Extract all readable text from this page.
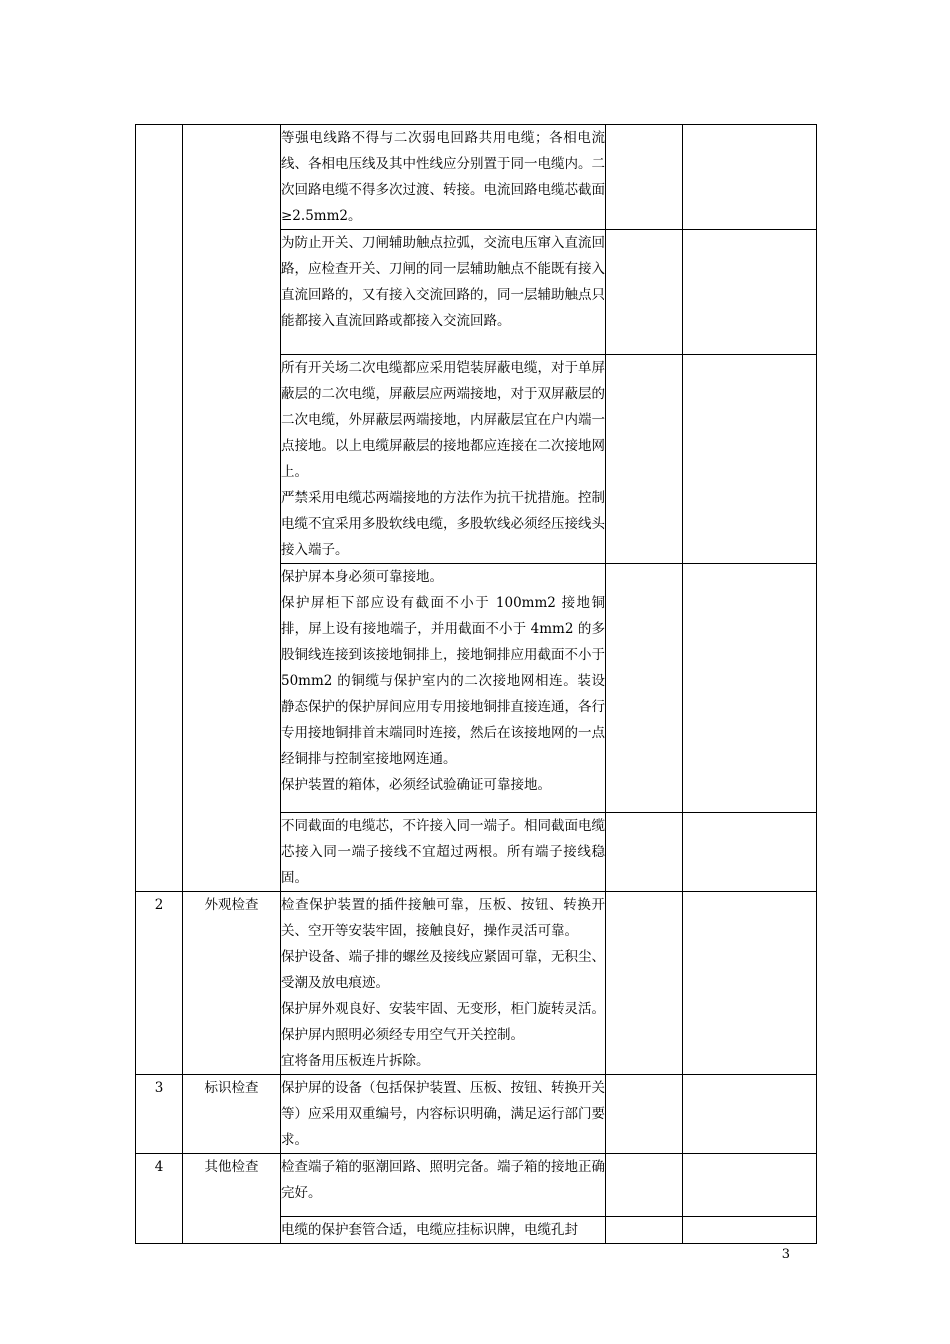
		等强电线路不得与二次弱电回路共用电缆；各相电流线、各相电压线及其中性线应分别置于同一电缆内。二次回路电缆不得多次过渡、转接。电流回路电缆芯截面≥2.5mm2。		

		为防止开关、刀闸辅助触点拉弧，交流电压窜入直流回路，应检查开关、刀闸的同一层辅助触点不能既有接入直流回路的，又有接入交流回路的，同一层辅助触点只能都接入直流回路或都接入交流回路。		

		所有开关场二次电缆都应采用铠装屏蔽电缆，对于单屏蔽层的二次电缆，屏蔽层应两端接地，对于双屏蔽层的二次电缆，外屏蔽层两端接地，内屏蔽层宜在户内端一点接地。以上电缆屏蔽层的接地都应连接在二次接地网上。

严禁采用电缆芯两端接地的方法作为抗干扰措施。控制电缆不宜采用多股软线电缆，多股软线必须经压接线头接入端子。		

		保护屏本身必须可靠接地。

保护屏柜下部应设有截面不小于 100mm2 接地铜排，屏上设有接地端子，并用截面不小于 4mm2 的多股铜线连接到该接地铜排上，接地铜排应用截面不小于 50mm2 的铜缆与保护室内的二次接地网相连。装设静态保护的保护屏间应用专用接地铜排直接连通，各行专用接地铜排首末端同时连接，然后在该接地网的一点经铜排与控制室接地网连通。

保护装置的箱体，必须经试验确证可靠接地。		

		不同截面的电缆芯，不许接入同一端子。相同截面电缆芯接入同一端子接线不宜超过两根。所有端子接线稳固。		

2	外观检查	检查保护装置的插件接触可靠，压板、按钮、转换开关、空开等安装牢固，接触良好，操作灵活可靠。

保护设备、端子排的螺丝及接线应紧固可靠，无积尘、受潮及放电痕迹。

保护屏外观良好、安装牢固、无变形，柜门旋转灵活。保护屏内照明必须经专用空气开关控制。

宜将备用压板连片拆除。		

3	标识检查	保护屏的设备（包括保护装置、压板、按钮、转换开关等）应采用双重编号，内容标识明确，满足运行部门要求。		

4	其他检查	检查端子箱的驱潮回路、照明完备。端子箱的接地正确完好。		

		电缆的保护套管合适，电缆应挂标识牌，电缆孔封		

3
